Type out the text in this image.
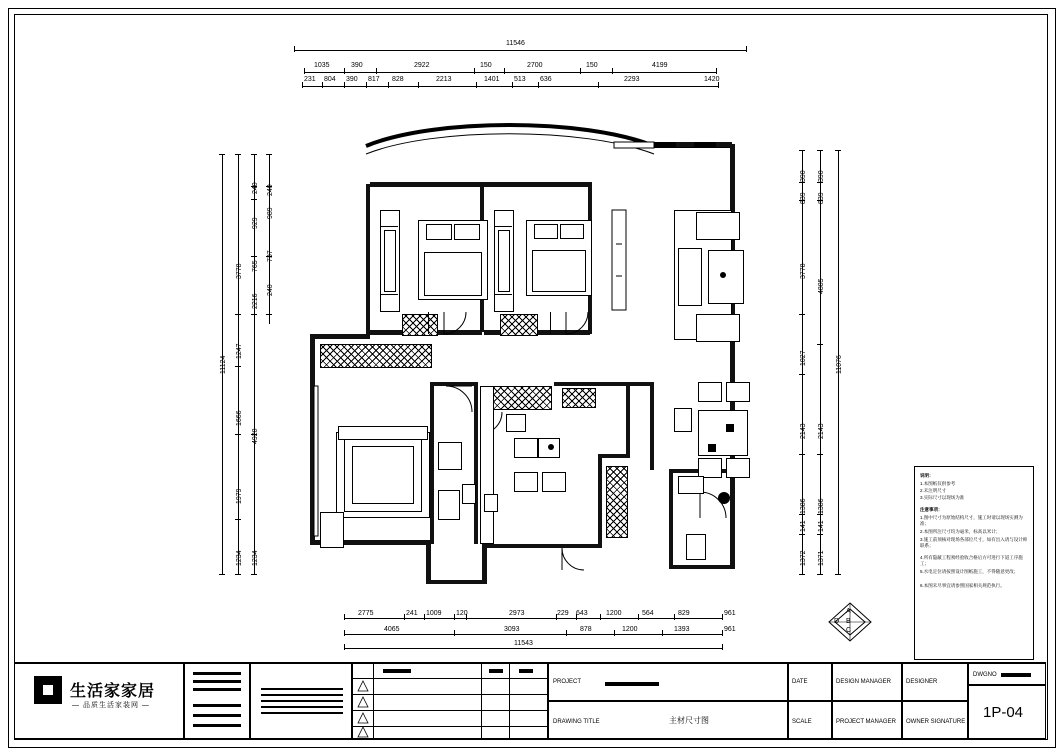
11546
1035	390	2922	150	2700	150	4199
231 804 390 817 828	2213	1401 513 636	2293	1420
11124
3778
1247
1666
1979
1234
240
929
765
2216
4920
1234
240
989
737
240
390
839
3778
1027
2143
1386
141
1372
390
839
4805
2143
1386
141
1371
11076
2775	241 1009 120	2973	229 643	1200	564	829	961
4065	3093	878	1200	1393	961
11543
A
B
C
D
说明：
1.本图纸仅供参考
2.未注明尺寸
3.实际尺寸以现场为准
注意事项：
1.图中尺寸为原始结构尺寸，施工时请以现场实测为准；
2.本图所注尺寸均为毫米，标高以米计；
3.施工前须核对现场各部位尺寸，如有出入请与设计师联系；
4.所有隐蔽工程须经验收合格后方可进行下道工序施工；
5.水电定位请按照设计图纸施工，不得随意更改；
6.本图未尽事宜请参照国家相关规范执行。
PROJECT
DRAWING TITLE	主材尺寸图
DATE
SCALE
DESIGN MANAGER
PROJECT MANAGER
DESIGNER
OWNER SIGNATURE
DWGNO
1P-04
生活家家居
— 品质生活家装网 —
